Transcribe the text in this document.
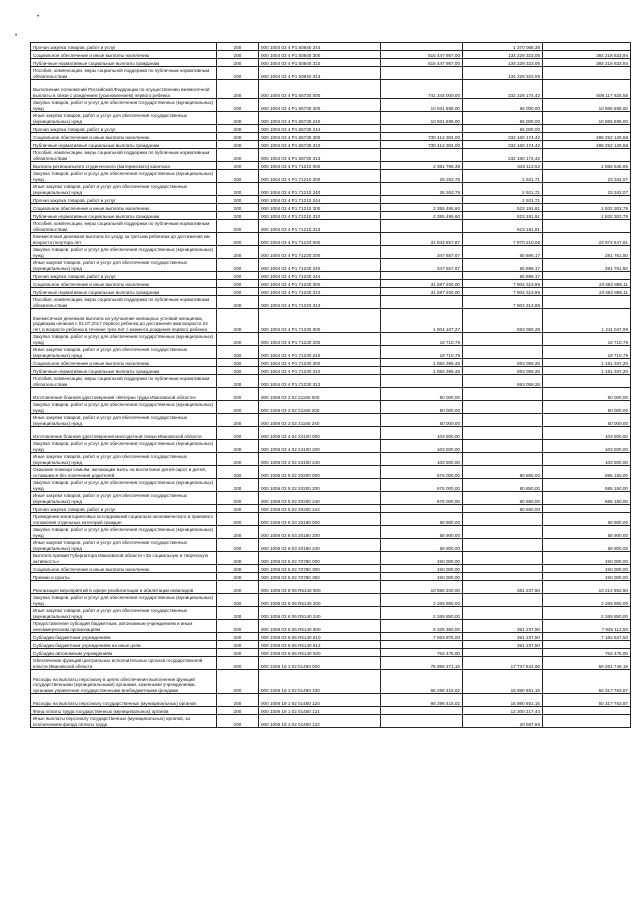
•
•
Прочая закупка товаров, работ и услуг	200	000 1004 03 4 Р1 50840 244		1 370 068,38	
Социальное обеспечение и иные выплаты населению	200	000 1004 03 4 Р1 50840 300	515 447 957,00	134 229 323,06	384 218 633,94
Публичные нормативные социальные выплаты гражданам	200	000 1004 03 4 Р1 50840 310	515 447 957,00	134 229 323,06	384 218 633,94
Пособия, компенсации, меры социальной поддержки по публичным нормативным обязательствам	200	000 1004 03 4 Р1 50840 313		134 229 323,06	
Выполнение полномочий Российской Федерации по осуществлению ежемесячной выплаты в связи с рождением (усыновлением) первого ребенка	200	000 1004 03 4 Р1 55730 000	741 344 000,00	232 228 174,42	509 117 825,58
Закупка товаров, работ и услуг для обеспечения государственных (муниципальных) нужд	200	000 1004 03 4 Р1 55730 200	10 931 696,00	66 000,00	10 865 696,00
Иные закупки товаров, работ и услуг для обеспечения государственных (муниципальных) нужд	200	000 1004 03 4 Р1 55730 240	10 931 696,00	66 000,00	10 865 696,00
Прочая закупка товаров, работ и услуг	200	000 1004 03 4 Р1 55730 244		66 000,00	
Социальное обеспечение и иные выплаты населению	200	000 1004 03 4 Р1 55730 300	730 412 304,00	232 160 174,42	498 252 129,58
Публичные нормативные социальные выплаты гражданам	200	000 1004 03 4 Р1 55730 310	730 412 304,00	232 160 174,42	498 252 129,58
Пособия, компенсации, меры социальной поддержки по публичным нормативным обязательствам	200	000 1004 03 4 Р1 55730 313		232 160 174,42	
Выплата регионального студенческого (материнского) капитала	200	000 1004 03 4 Р1 71210 000	2 381 759,38	526 113,52	1 855 645,86
Закупка товаров, работ и услуг для обеспечения государственных (муниципальных) нужд	200	000 1004 03 4 Р1 71210 200	26 263,78	2 921,71	23 342,07
Иные закупки товаров, работ и услуг для обеспечения государственных (муниципальных) нужд	200	000 1004 03 4 Р1 71210 240	26 263,78	2 921,71	23 342,07
Прочая закупка товаров, работ и услуг	200	000 1004 03 4 Р1 71210 244		2 921,71	
Социальное обеспечение и иные выплаты населению	200	000 1004 03 4 Р1 71210 300	2 355 495,60	523 191,81	1 832 303,79
Публичные нормативные социальные выплаты гражданам	200	000 1004 03 4 Р1 71210 310	2 355 495,60	523 191,81	1 832 303,79
Пособия, компенсации, меры социальной поддержки по публичным нормативным обязательствам	200	000 1004 03 4 Р1 71210 313		523 191,81	
Ежемесячная денежная выплата по уходу за третьим ребенком до достижения им возраста полутора лет	200	000 1004 03 4 Р1 71220 000	31 944 857,87	7 970 210,06	23 974 647,81
Закупка товаров, работ и услуг для обеспечения государственных (муниципальных) нужд	200	000 1004 03 4 Р1 71220 200	347 657,67	65 896,17	281 761,50
Иные закупки товаров, работ и услуг для обеспечения государственных (муниципальных) нужд	200	000 1004 03 4 Р1 71220 240	347 657,67	65 896,17	281 761,50
Прочая закупка товаров, работ и услуг	200	000 1004 03 4 Р1 71220 244		65 896,17	
Социальное обеспечение и иные выплаты населению	200	000 1004 03 4 Р1 71220 300	31 597 200,00	7 904 313,89	23 692 886,11
Публичные нормативные социальные выплаты гражданам	200	000 1004 03 4 Р1 71220 310	31 597 200,00	7 904 313,89	23 692 886,11
Пособия, компенсации, меры социальной поддержки по публичным нормативным обязательствам	200	000 1004 03 4 Р1 71220 313		7 904 313,89	
Ежемесячная денежная выплата на улучшение жилищных условий женщинам, родившим начиная с 01.07.2017 первого ребенка до достижения ими возраста 24 лет, в возрасте ребенка в течение трех лет с момента рождения первого ребенка	200	000 1004 03 4 Р1 71230 000	1 904 107,27	693 059,28	1 211 047,99
Закупка товаров, работ и услуг для обеспечения государственных (муниципальных) нужд	200	000 1004 03 4 Р1 71230 200	19 710,79		19 710,79
Иные закупки товаров, работ и услуг для обеспечения государственных (муниципальных) нужд	200	000 1004 03 4 Р1 71230 240	19 710,79		19 710,79
Социальное обеспечение и иные выплаты населению	200	000 1004 03 4 Р1 71230 300	1 884 396,48	693 059,28	1 191 337,20
Публичные нормативные социальные выплаты гражданам	200	000 1004 03 4 Р1 71230 310	1 884 396,48	693 059,28	1 191 337,20
Пособия, компенсации, меры социальной поддержки по публичным нормативным обязательствам	200	000 1004 03 4 Р1 71230 313		693 059,28	
Изготовление бланков удостоверений «Ветеран труда Ивановской области»	200	000 1006 03 3 02 21160 000	50 000,00		50 000,00
Закупка товаров, работ и услуг для обеспечения государственных (муниципальных) нужд	200	000 1006 03 3 02 21160 200	50 000,00		50 000,00
Иные закупки товаров, работ и услуг для обеспечения государственных (муниципальных) нужд	200	000 1006 03 3 02 21160 240	50 000,00		50 000,00
Изготовление бланков удостоверения многодетной семьи Ивановской области	200	000 1006 03 4 02 24100 000	103 500,00		103 500,00
Закупка товаров, работ и услуг для обеспечения государственных (муниципальных) нужд	200	000 1006 03 4 02 24100 200	103 500,00		103 500,00
Иные закупки товаров, работ и услуг для обеспечения государственных (муниципальных) нужд	200	000 1006 03 4 02 24100 240	103 500,00		103 500,00
Оказание помощи семьям, желающим взять на воспитание детей-сирот и детей, оставшихся без попечения родителей	200	000 1006 03 5 02 20200 000	676 000,00	80 850,00	595 150,00
Закупка товаров, работ и услуг для обеспечения государственных (муниципальных) нужд	200	000 1006 03 5 02 20200 200	676 000,00	80 850,00	595 150,00
Иные закупки товаров, работ и услуг для обеспечения государственных (муниципальных) нужд	200	000 1006 03 5 02 20200 240	676 000,00	80 850,00	595 150,00
Прочая закупка товаров, работ и услуг	200	000 1006 03 5 02 20200 244		80 850,00	
Проведение мониторинговых исследований социально-экономического и правового положения отдельных категорий граждан	200	000 1006 03 6 03 20180 000	58 900,00		58 900,00
Закупка товаров, работ и услуг для обеспечения государственных (муниципальных) нужд	200	000 1006 03 6 03 20180 200	58 900,00		58 900,00
Иные закупки товаров, работ и услуг для обеспечения государственных (муниципальных) нужд	200	000 1006 03 6 03 20180 240	58 900,00		58 900,00
Выплата премий Губернатора Ивановской области «За социальную и творческую активность»	200	000 1006 03 6 02 70780 000	150 000,00		150 000,00
Социальное обеспечение и иные выплаты населению	200	000 1006 03 6 02 70780 300	150 000,00		150 000,00
Премии и гранты	200	000 1006 03 6 02 70780 350	150 000,00		150 000,00
Реализация мероприятий в сфере реабилитации и абилитации инвалидов	200	000 1006 03 6 06 R5140 000	10 596 200,00	381 237,50	10 214 962,50
Закупка товаров, работ и услуг для обеспечения государственных (муниципальных) нужд	200	000 1006 03 6 06 R5140 200	2 269 850,00		2 269 850,00
Иные закупки товаров, работ и услуг для обеспечения государственных (муниципальных) нужд	200	000 1006 03 6 06 R5140 240	2 269 850,00		2 269 850,00
Предоставление субсидий бюджетным, автономным учреждениям и иным некоммерческим организациям	200	000 1006 03 6 06 R5140 600	8 326 350,00	381 237,50	7 945 112,50
Субсидии бюджетным учреждениям	200	000 1006 03 6 06 R5140 610	7 563 875,00	381 237,50	7 182 637,50
Субсидии бюджетным учреждениям на иные цели	200	000 1006 03 6 06 R5140 612		381 237,50	
Субсидии автономным учреждениям	200	000 1006 03 6 06 R5140 620	762 475,00		762 475,00
Обеспечение функций центральных исполнительных органов государственной власти Ивановской области	200	000 1006 18 1 02 01450 000	75 999 371,15	17 737 624,96	58 261 746,19
Расходы на выплаты персоналу в целях обеспечения выполнения функций государственными (муниципальными) органами, казенными учреждениями, органами управления государственными внебюджетными фондами	200	000 1006 18 1 02 01450 100	66 298 415,02	15 980 651,15	50 317 763,87
Расходы на выплаты персоналу государственных (муниципальных) органов	200	000 1006 18 1 02 01450 120	66 298 415,02	15 980 651,15	50 317 763,87
Фонд оплаты труда государственных (муниципальных) органов	200	000 1006 18 1 02 01450 121		12 300 217,44	
Иные выплаты персоналу государственных (муниципальных) органов, за исключением фонда оплаты труда	200	000 1006 18 1 02 01450 122		20 587,66	
